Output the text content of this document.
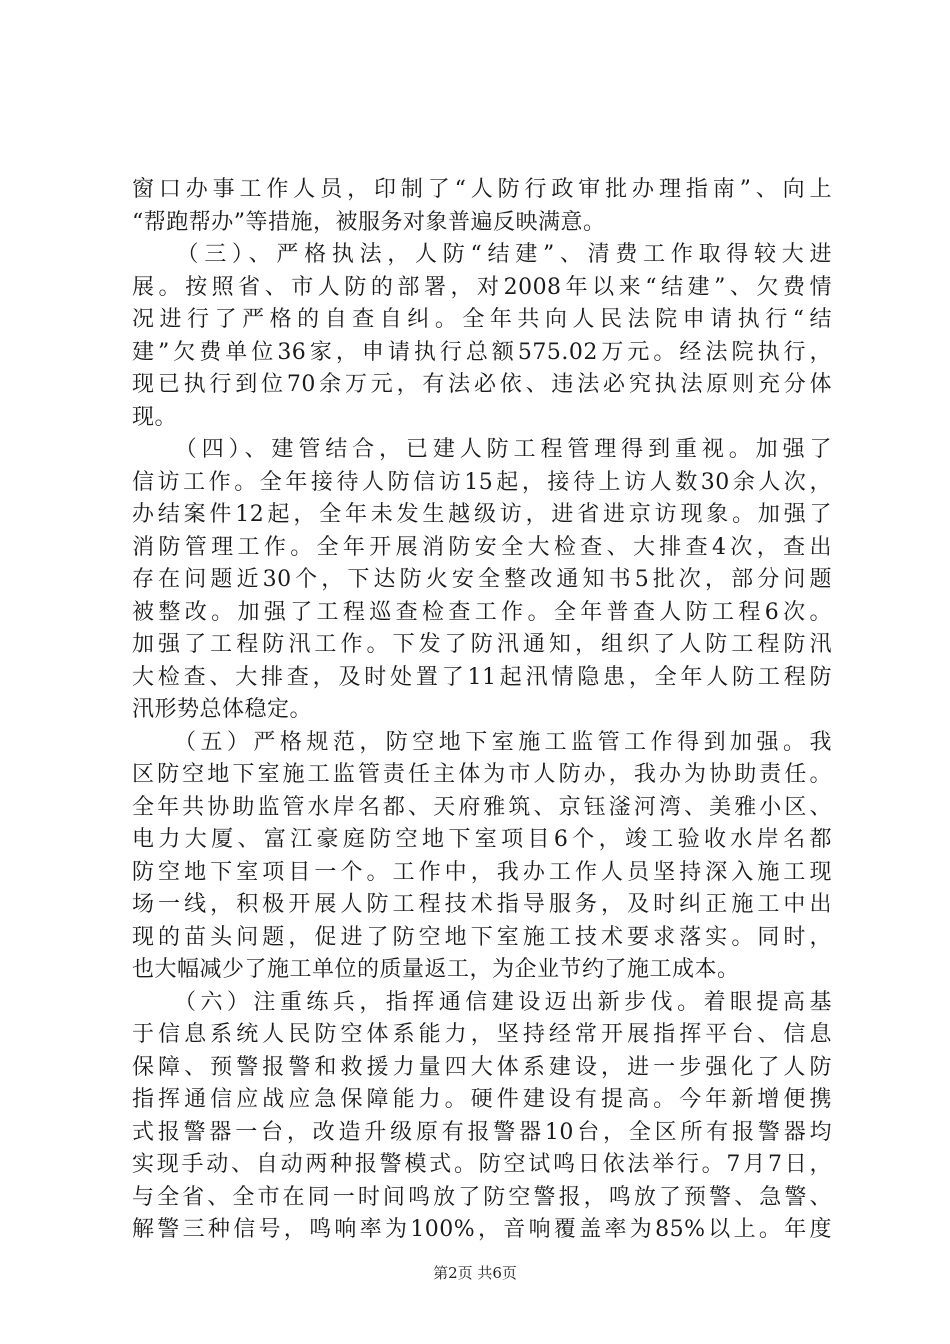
窗口办事工作人员，印制了“人防行政审批办理指南”、向上
“帮跑帮办”等措施，被服务对象普遍反映满意。
　　（三）、严格执法，人防“结建”、清费工作取得较大进
展。按照省、市人防的部署，对2008年以来“结建”、欠费情
况进行了严格的自查自纠。全年共向人民法院申请执行“结
建”欠费单位36家，申请执行总额575.02万元。经法院执行，
现已执行到位70余万元，有法必依、违法必究执法原则充分体
现。
　　（四）、建管结合，已建人防工程管理得到重视。加强了
信访工作。全年接待人防信访15起，接待上访人数30余人次，
办结案件12起，全年未发生越级访，进省进京访现象。加强了
消防管理工作。全年开展消防安全大检查、大排查4次，查出
存在问题近30个，下达防火安全整改通知书5批次，部分问题
被整改。加强了工程巡查检查工作。全年普查人防工程6次。
加强了工程防汛工作。下发了防汛通知，组织了人防工程防汛
大检查、大排查，及时处置了11起汛情隐患，全年人防工程防
汛形势总体稳定。
　　（五）严格规范，防空地下室施工监管工作得到加强。我
区防空地下室施工监管责任主体为市人防办，我办为协助责任。
全年共协助监管水岸名都、天府雅筑、京钰滏河湾、美雅小区、
电力大厦、富江豪庭防空地下室项目6个，竣工验收水岸名都
防空地下室项目一个。工作中，我办工作人员坚持深入施工现
场一线，积极开展人防工程技术指导服务，及时纠正施工中出
现的苗头问题，促进了防空地下室施工技术要求落实。同时，
也大幅减少了施工单位的质量返工，为企业节约了施工成本。
　　（六）注重练兵，指挥通信建设迈出新步伐。着眼提高基
于信息系统人民防空体系能力，坚持经常开展指挥平台、信息
保障、预警报警和救援力量四大体系建设，进一步强化了人防
指挥通信应战应急保障能力。硬件建设有提高。今年新增便携
式报警器一台，改造升级原有报警器10台，全区所有报警器均
实现手动、自动两种报警模式。防空试鸣日依法举行。7月7日，
与全省、全市在同一时间鸣放了防空警报，鸣放了预警、急警、
解警三种信号，鸣响率为100%，音响覆盖率为85%以上。年度
第2页 共6页
